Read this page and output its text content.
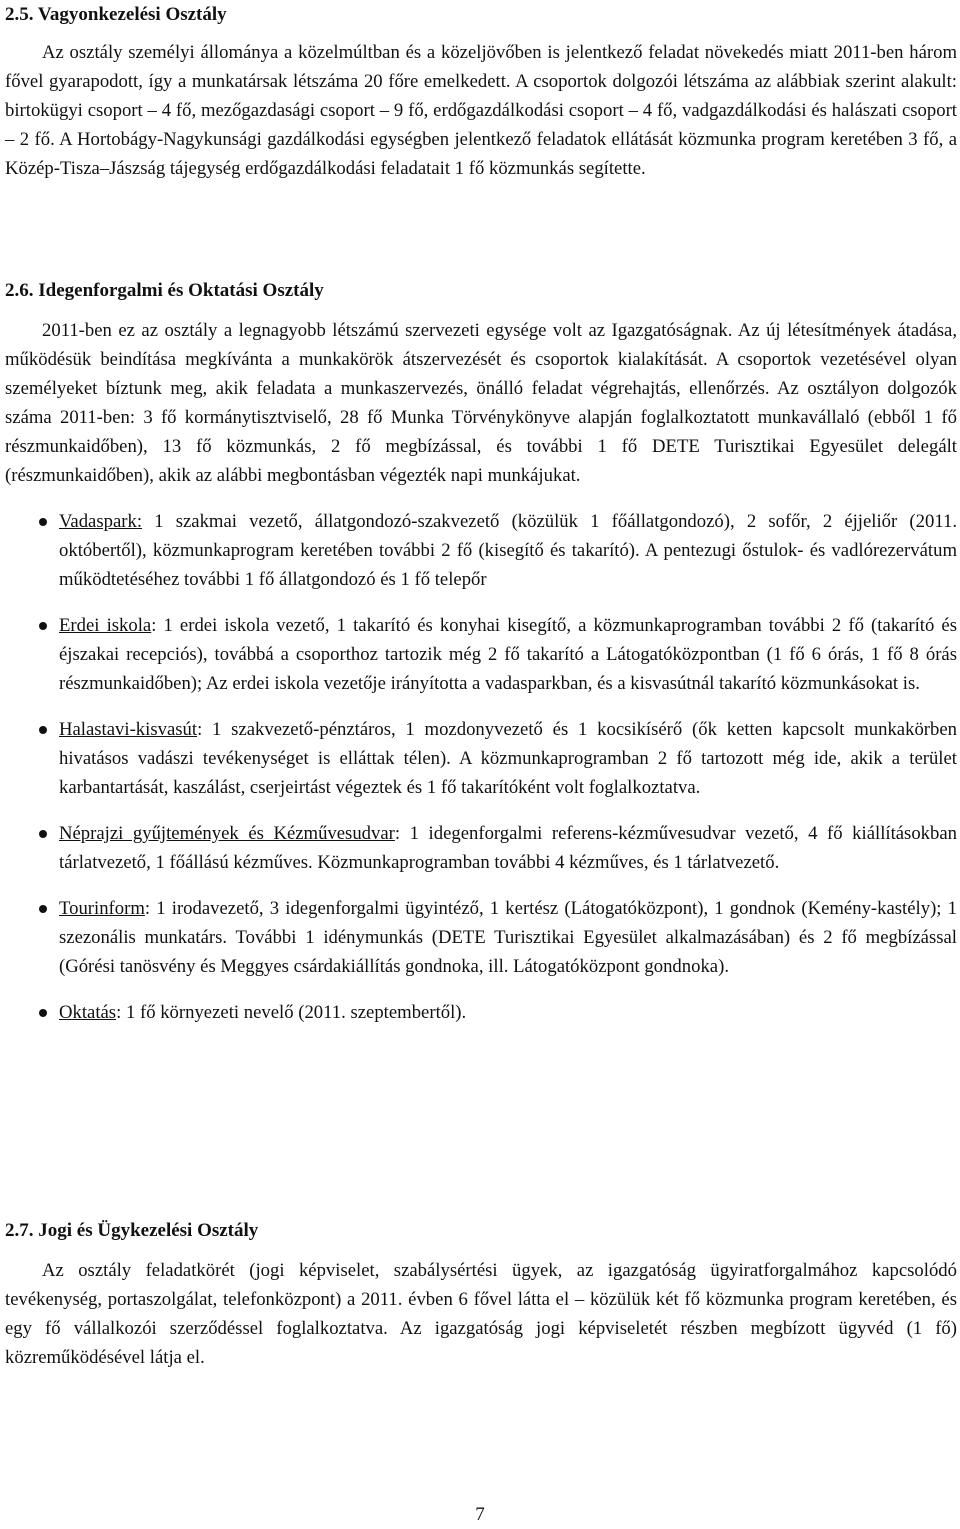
2.5. Vagyonkezelési Osztály

Az osztály személyi állománya a közelmúltban és a közeljövőben is jelentkező feladat növekedés miatt 2011-ben három fővel gyarapodott, így a munkatársak létszáma 20 főre emelkedett. A csoportok dolgozói létszáma az alábbiak szerint alakult: birtokügyi csoport – 4 fő, mezőgazdasági csoport – 9 fő, erdőgazdálkodási csoport – 4 fő, vadgazdálkodási és halászati csoport – 2 fő. A Hortobágy-Nagykunsági gazdálkodási egységben jelentkező feladatok ellátását közmunka program keretében 3 fő, a Közép-Tisza–Jászság tájegység erdőgazdálkodási feladatait 1 fő közmunkás segítette.

2.6. Idegenforgalmi és Oktatási Osztály

2011-ben ez az osztály a legnagyobb létszámú szervezeti egysége volt az Igazgatóságnak. Az új létesítmények átadása, működésük beindítása megkívánta a munkakörök átszervezését és csoportok kialakítását. A csoportok vezetésével olyan személyeket bíztunk meg, akik feladata a munkaszervezés, önálló feladat végrehajtás, ellenőrzés. Az osztályon dolgozók száma 2011-ben: 3 fő kormánytisztviselő, 28 fő Munka Törvénykönyve alapján foglalkoztatott munkavállaló (ebből 1 fő részmunkaidőben), 13 fő közmunkás, 2 fő megbízással, és további 1 fő DETE Turisztikai Egyesület delegált (részmunkaidőben), akik az alábbi megbontásban végezték napi munkájukat.

Vadaspark: 1 szakmai vezető, állatgondozó-szakvezető (közülük 1 főállatgondozó), 2 sofőr, 2 éjjeliőr (2011. októbertől), közmunkaprogram keretében további 2 fő (kisegítő és takarító). A pentezugi őstulok- és vadlórezervátum működtetéséhez további 1 fő állatgondozó és 1 fő telepőr
Erdei iskola: 1 erdei iskola vezető, 1 takarító és konyhai kisegítő, a közmunkaprogramban további 2 fő (takarító és éjszakai recepciós), továbbá a csoporthoz tartozik még 2 fő takarító a Látogatóközpontban (1 fő 6 órás, 1 fő 8 órás részmunkaidőben); Az erdei iskola vezetője irányította a vadasparkban, és a kisvasútnál takarító közmunkásokat is.
Halastavi-kisvasút: 1 szakvezető-pénztáros, 1 mozdonyvezető és 1 kocsikísérő (ők ketten kapcsolt munkakörben hivatásos vadászi tevékenységet is elláttak télen). A közmunkaprogramban 2 fő tartozott még ide, akik a terület karbantartását, kaszálást, cserjeirtást végeztek és 1 fő takarítóként volt foglalkoztatva.
Néprajzi gyűjtemények és Kézművesudvar: 1 idegenforgalmi referens-kézművesudvar vezető, 4 fő kiállításokban tárlatvezető, 1 főállású kézműves. Közmunkaprogramban további 4 kézműves, és 1 tárlatvezető.
Tourinform: 1 irodavezető, 3 idegenforgalmi ügyintéző, 1 kertész (Látogatóközpont), 1 gondnok (Kemény-kastély); 1 szezonális munkatárs. További 1 idénymunkás (DETE Turisztikai Egyesület alkalmazásában) és 2 fő megbízással (Górési tanösvény és Meggyes csárdakiállítás gondnoka, ill. Látogatóközpont gondnoka).
Oktatás: 1 fő környezeti nevelő (2011. szeptembertől).
2.7. Jogi és Ügykezelési Osztály

Az osztály feladatkörét (jogi képviselet, szabálysértési ügyek, az igazgatóság ügyiratforgalmához kapcsolódó tevékenység, portaszolgálat, telefonközpont) a 2011. évben 6 fővel látta el – közülük két fő közmunka program keretében, és egy fő vállalkozói szerződéssel foglalkoztatva. Az igazgatóság jogi képviseletét részben megbízott ügyvéd (1 fő) közreműködésével látja el.

7
